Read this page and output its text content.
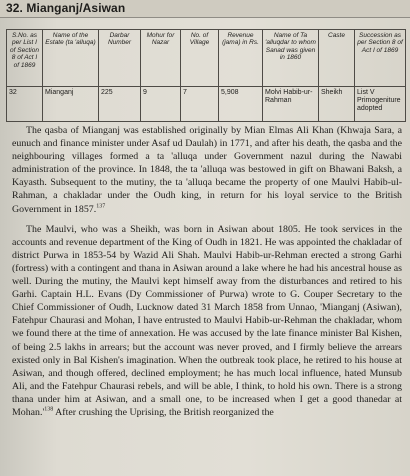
32. Mianganj/Asiwan
S.No. as per List I of Section 8 of Act I of 1869	Name of the Estate (ta 'alluqa)	Darbar Number	Mohur for Nazar	No. of Village	Revenue (jama) in Rs.	Name of Ta 'alluqdar to whom Sanad was given in 1860	Caste	Succession as per Section 8 of Act I of 1869
32	Mianganj	225	9	7	5,908	Molvi Habib-ur-Rahman	Sheikh	List V Primogeniture adopted

The qasba of Mianganj was established originally by Mian Elmas Ali Khan (Khwaja Sara, a eunuch and finance minister under Asaf ud Daulah) in 1771, and after his death, the qasba and the neighbouring villages formed a ta 'alluqa under Government nazul during the Nawabi administration of the province. In 1848, the ta 'alluqa was bestowed in gift on Bhawani Baksh, a Kayasth. Subsequent to the mutiny, the ta 'alluqa became the property of one Maulvi Habib-ul-Rahman, a chakladar under the Oudh king, in return for his loyal service to the British Government in 1857.$^{137}$

The Maulvi, who was a Sheikh, was born in Asiwan about 1805. He took services in the accounts and revenue department of the King of Oudh in 1821. He was appointed the chakladar of district Purwa in 1853-54 by Wazid Ali Shah. Maulvi Habib-ur-Rehman erected a strong Garhi (fortress) with a contingent and thana in Asiwan around a lake where he had his ancestral house as well. During the mutiny, the Maulvi kept himself away from the disturbances and retired to his Garhi. Captain H.L. Evans (Dy Commissioner of Purwa) wrote to G. Couper Secretary to the Chief Commissioner of Oudh, Lucknow dated 31 March 1858 from Unnao, 'Mianganj (Asiwan), Fatehpur Chaurasi and Mohan, I have entrusted to Maulvi Habib-ur-Rehman the chakladar, whom we found there at the time of annexation. He was accused by the late finance minister Bal Kishen, of being 2.5 lakhs in arrears; but the account was never proved, and I firmly believe the arrears existed only in Bal Kishen's imagination. When the outbreak took place, he retired to his house at Asiwan, and though offered, declined employment; he has much local influence, hated Munsub Ali, and the Fatehpur Chaurasi rebels, and will be able, I think, to hold his own. There is a strong thana under him at Asiwan, and a small one, to be increased when I get a good thanedar at $Mohan.'^{138}$ After crushing the Uprising, the British reorganized the
